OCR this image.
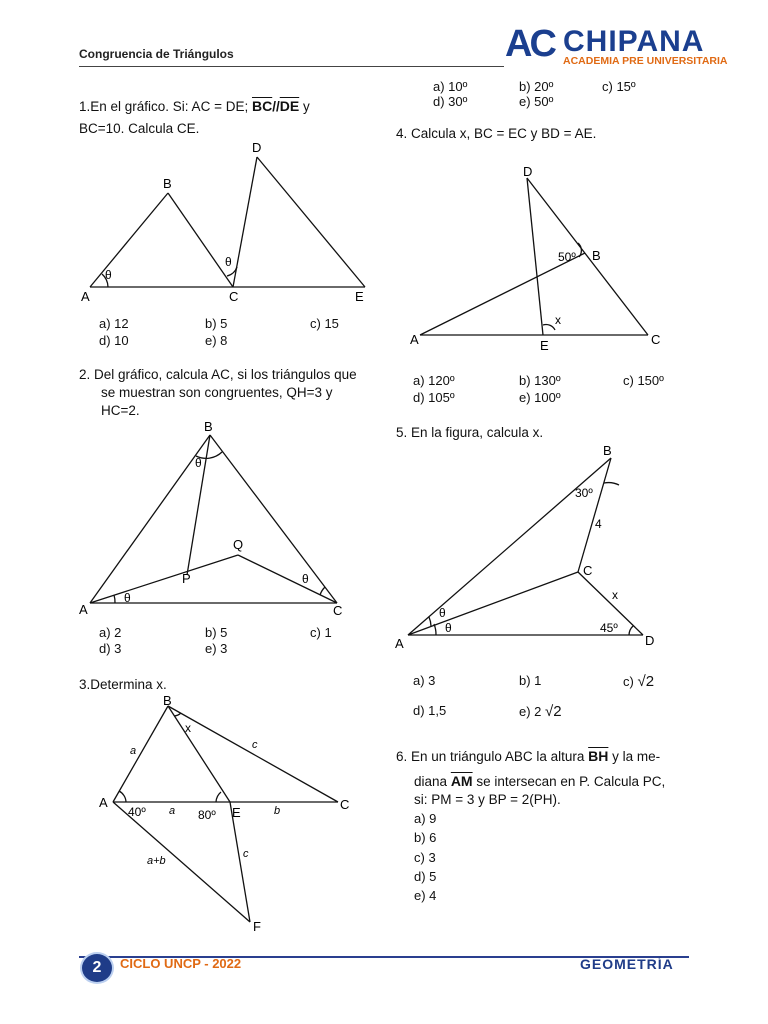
Congruencia de Triángulos	AC CHIPANA
ACADEMIA PRE UNIVERSITARIA
1.En el gráfico. Si: AC = DE; $\overline{BC}//\overline{DE}$ y
BC=10. Calcula CE.
A
B
C
D
E
θ
θ
a) 12	b) 5	c) 15
d) 10	e) 8
2. Del gráfico, calcula AC, si los triángulos que
se muestran son congruentes, QH=3 y
HC=2.
A
B
C
P
Q
θ
θ
θ
a) 2	b) 5	c) 1
d) 3	e) 3
3.Determina x.
A
B
C
E
F
x
a
a	b
c
c
a+b
40º	80º
a) 10º	b) 20º	c) 15º
d) 30º	e) 50º
4. Calcula x, BC = EC y BD = AE.
A
B
C
D
E
x
50º
a) 120º	b) 130º	c) 150º
d) 105º	e) 100º
5. En la figura, calcula x.
A
B
C
D
4
x
30º
45º
θ
θ
a) 3	b) 1	c) √2
d) 1,5	e) 2 √2
6. En un triángulo ABC la altura $\overline{BH}$ y la me-
diana $\overline{AM}$ se intersecan en P. Calcula PC,
si: PM = 3 y BP = 2(PH).
a) 9
b) 6
c) 3
d) 5
e) 4
2	CICLO UNCP - 2022	GEOMETRÍA
